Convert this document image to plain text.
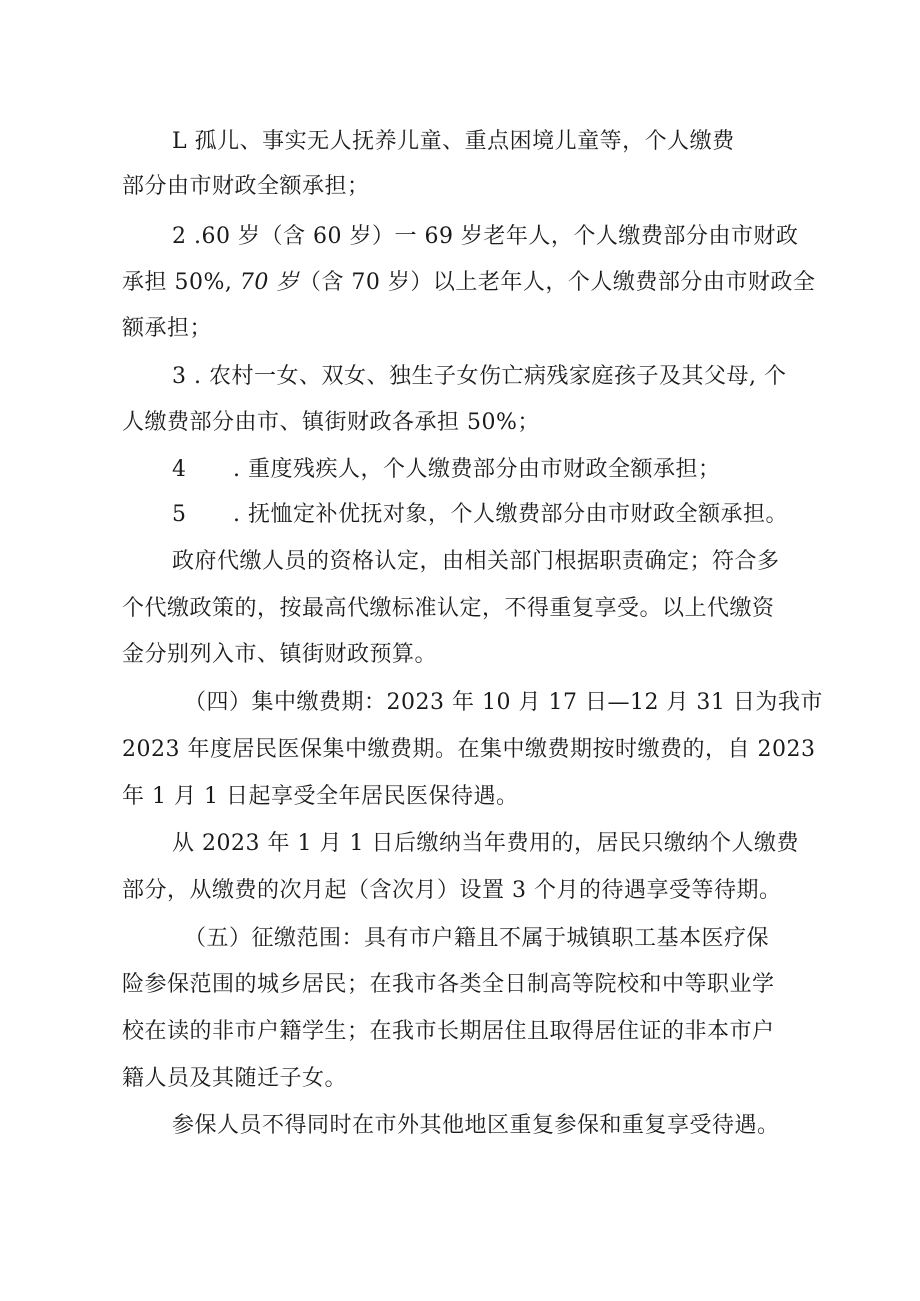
L 孤儿、事实无人抚养儿童、重点困境儿童等，个人缴费
部分由市财政全额承担；
2 .60 岁（含 60 岁）一 69 岁老年人，个人缴费部分由市财政
承担 50%, 70 岁（含 70 岁）以上老年人，个人缴费部分由市财政全
额承担；
3 . 农村一女、双女、独生子女伤亡病残家庭孩子及其父母, 个
人缴费部分由市、镇街财政各承担 50%；
4 . 重度残疾人，个人缴费部分由市财政全额承担；
5 . 抚恤定补优抚对象，个人缴费部分由市财政全额承担。
政府代缴人员的资格认定，由相关部门根据职责确定；符合多
个代缴政策的，按最高代缴标准认定，不得重复享受。以上代缴资
金分别列入市、镇街财政预算。
（四）集中缴费期：2023 年 10 月 17 日—12 月 31 日为我市
2023 年度居民医保集中缴费期。在集中缴费期按时缴费的，自 2023
年 1 月 1 日起享受全年居民医保待遇。
从 2023 年 1 月 1 日后缴纳当年费用的，居民只缴纳个人缴费
部分，从缴费的次月起（含次月）设置 3 个月的待遇享受等待期。
（五）征缴范围：具有市户籍且不属于城镇职工基本医疗保
险参保范围的城乡居民；在我市各类全日制高等院校和中等职业学
校在读的非市户籍学生；在我市长期居住且取得居住证的非本市户
籍人员及其随迁子女。
参保人员不得同时在市外其他地区重复参保和重复享受待遇。
